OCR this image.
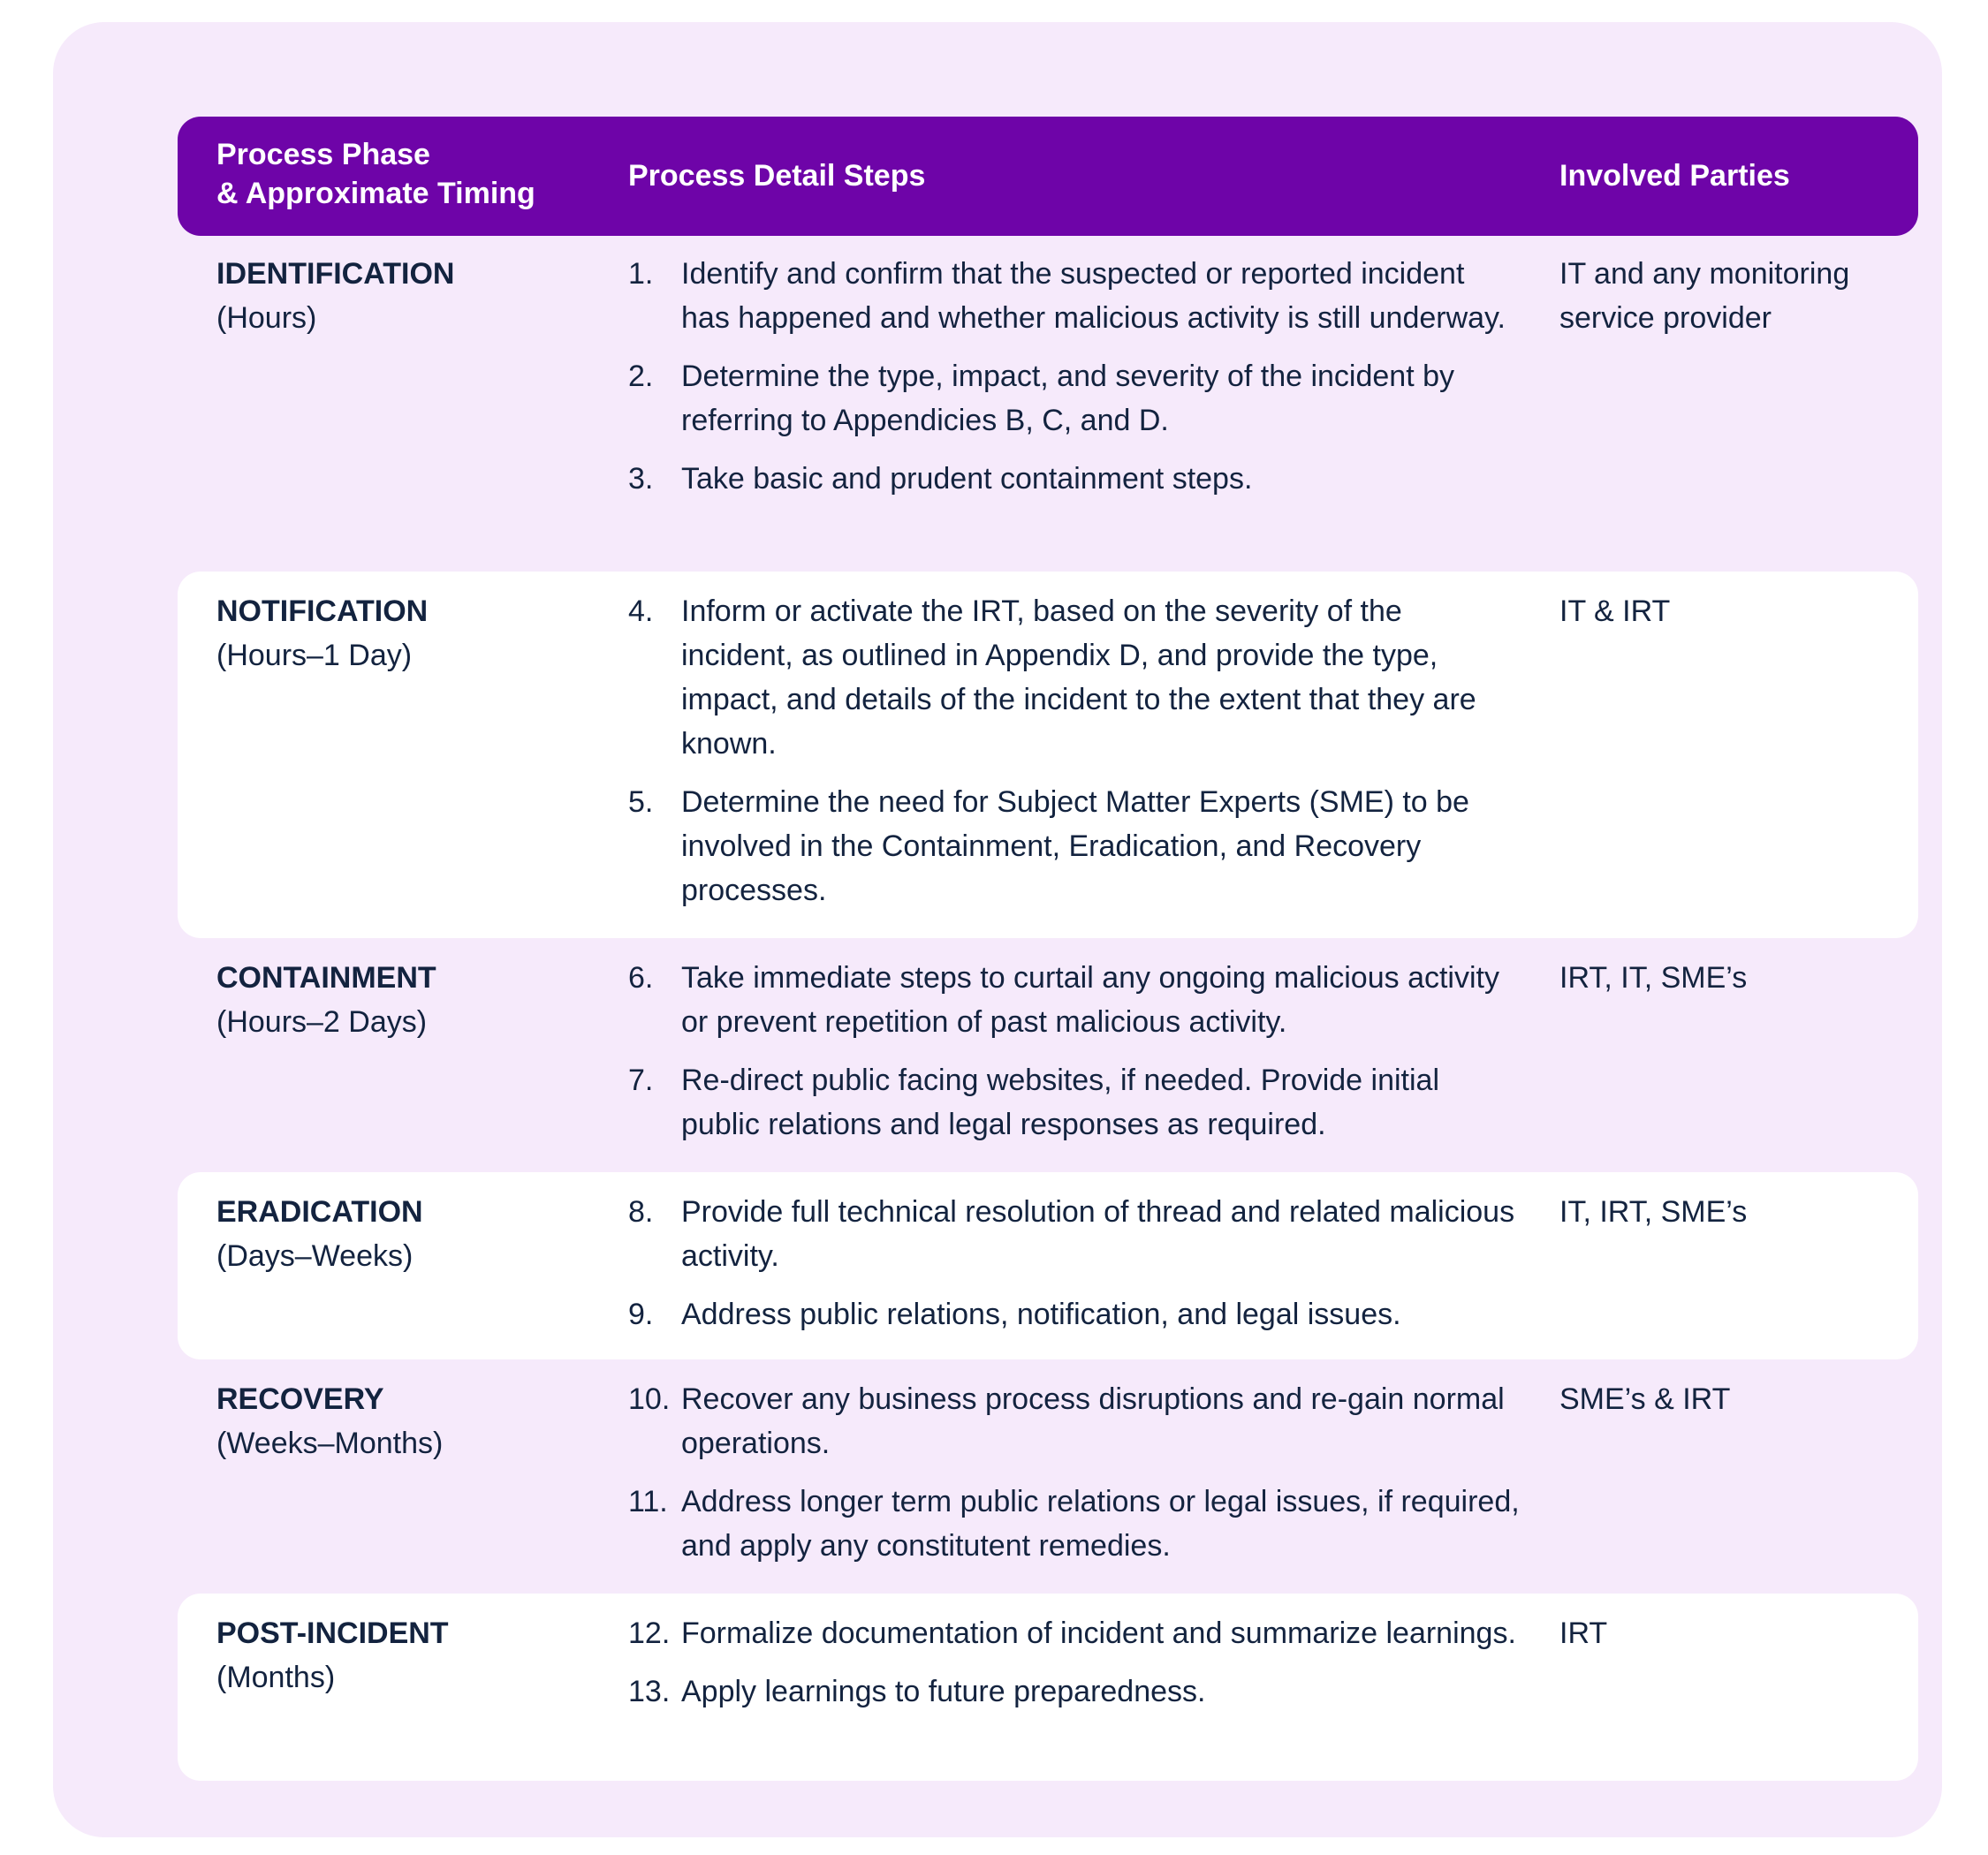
Process Phase
& Approximate Timing
Process Detail Steps	Involved Parties
IDENTIFICATION
(Hours)
1. Identify and confirm that the suspected or reported incident has happened and whether malicious activity is still underway.
2. Determine the type, impact, and severity of the incident by referring to Appendicies B, C, and D.
3. Take basic and prudent containment steps.
IT and any monitoring service provider
NOTIFICATION
(Hours–1 Day)
4. Inform or activate the IRT, based on the severity of the incident, as outlined in Appendix D, and provide the type, impact, and details of the incident to the extent that they are known.
5. Determine the need for Subject Matter Experts (SME) to be involved in the Containment, Eradication, and Recovery processes.
IT & IRT
CONTAINMENT
(Hours–2 Days)
6. Take immediate steps to curtail any ongoing malicious activity or prevent repetition of past malicious activity.
7. Re-direct public facing websites, if needed. Provide initial public relations and legal responses as required.
IRT, IT, SME’s
ERADICATION
(Days–Weeks)
8. Provide full technical resolution of thread and related malicious activity.
9. Address public relations, notification, and legal issues.
IT, IRT, SME’s
RECOVERY
(Weeks–Months)
10. Recover any business process disruptions and re-gain normal operations.
11. Address longer term public relations or legal issues, if required, and apply any constitutent remedies.
SME’s & IRT
POST-INCIDENT
(Months)
12. Formalize documentation of incident and summarize learnings.
13. Apply learnings to future preparedness.
IRT
